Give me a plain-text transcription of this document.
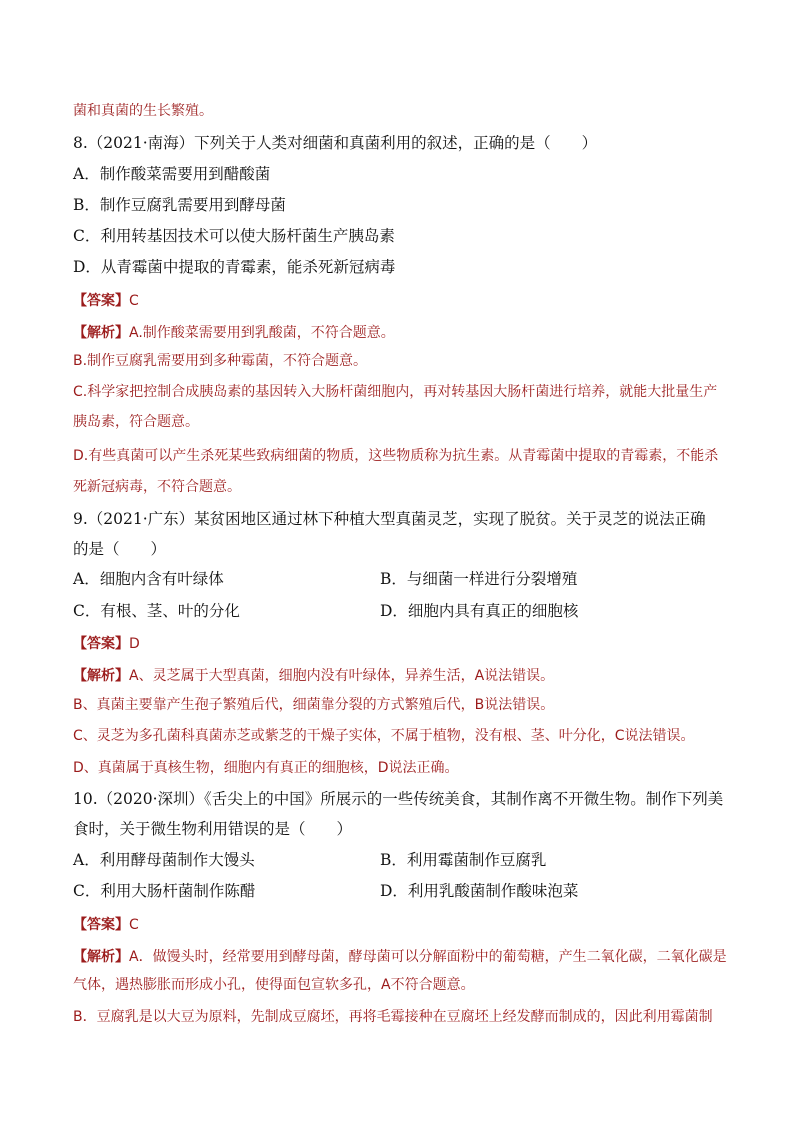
菌和真菌的生长繁殖。
8.（2021·南海）下列关于人类对细菌和真菌利用的叙述，正确的是（　　）
A．制作酸菜需要用到醋酸菌
B．制作豆腐乳需要用到酵母菌
C．利用转基因技术可以使大肠杆菌生产胰岛素
D．从青霉菌中提取的青霉素，能杀死新冠病毒
【答案】C
【解析】A.制作酸菜需要用到乳酸菌，不符合题意。
B.制作豆腐乳需要用到多种霉菌，不符合题意。
C.科学家把控制合成胰岛素的基因转入大肠杆菌细胞内，再对转基因大肠杆菌进行培养，就能大批量生产
胰岛素，符合题意。
D.有些真菌可以产生杀死某些致病细菌的物质，这些物质称为抗生素。从青霉菌中提取的青霉素，不能杀
死新冠病毒，不符合题意。
9.（2021·广东）某贫困地区通过林下种植大型真菌灵芝，实现了脱贫。关于灵芝的说法正确
的是（　　）
A．细胞内含有叶绿体	B．与细菌一样进行分裂增殖
C．有根、茎、叶的分化	D．细胞内具有真正的细胞核
【答案】D
【解析】A、灵芝属于大型真菌，细胞内没有叶绿体，异养生活，A说法错误。
B、真菌主要靠产生孢子繁殖后代，细菌靠分裂的方式繁殖后代，B说法错误。
C、灵芝为多孔菌科真菌赤芝或紫芝的干燥子实体，不属于植物，没有根、茎、叶分化，C说法错误。
D、真菌属于真核生物，细胞内有真正的细胞核，D说法正确。
10.（2020·深圳）《舌尖上的中国》所展示的一些传统美食，其制作离不开微生物。制作下列美
食时，关于微生物利用错误的是（　　）
A．利用酵母菌制作大馒头	B．利用霉菌制作豆腐乳
C．利用大肠杆菌制作陈醋	D．利用乳酸菌制作酸味泡菜
【答案】C
【解析】A．做馒头时，经常要用到酵母菌，酵母菌可以分解面粉中的葡萄糖，产生二氧化碳，二氧化碳是
气体，遇热膨胀而形成小孔，使得面包宣软多孔，A不符合题意。
B．豆腐乳是以大豆为原料，先制成豆腐坯，再将毛霉接种在豆腐坯上经发酵而制成的，因此利用霉菌制
